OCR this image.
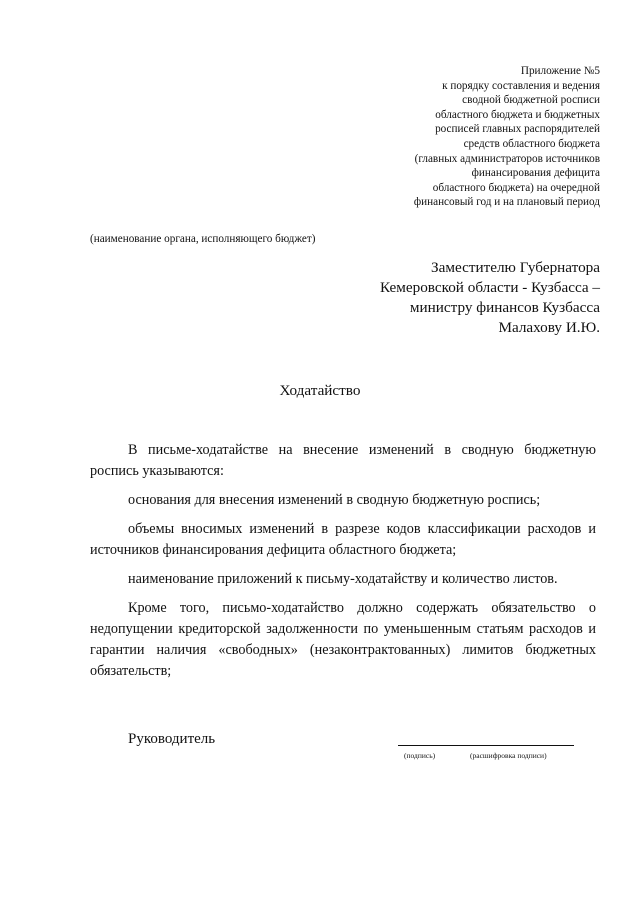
Приложение №5
к порядку составления и ведения
сводной бюджетной росписи
областного бюджета и бюджетных
росписей главных распорядителей
средств областного бюджета
(главных администраторов источников
финансирования дефицита
областного бюджета) на очередной
финансовый год и на плановый период
(наименование органа, исполняющего бюджет)
Заместителю Губернатора
Кемеровской области - Кузбасса –
министру финансов Кузбасса
Малахову И.Ю.
Ходатайство

В письме-ходатайстве на внесение изменений в сводную бюджетную роспись указываются:

основания для внесения изменений в сводную бюджетную роспись;

объемы вносимых изменений в разрезе кодов классификации расходов и источников финансирования дефицита областного бюджета;

наименование приложений к письму-ходатайству и количество листов.

Кроме того, письмо-ходатайство должно содержать обязательство о недопущении кредиторской задолженности по уменьшенным статьям расходов и гарантии наличия «свободных» (незаконтрактованных) лимитов бюджетных обязательств;

Руководитель
(подпись)	(расшифровка подписи)
